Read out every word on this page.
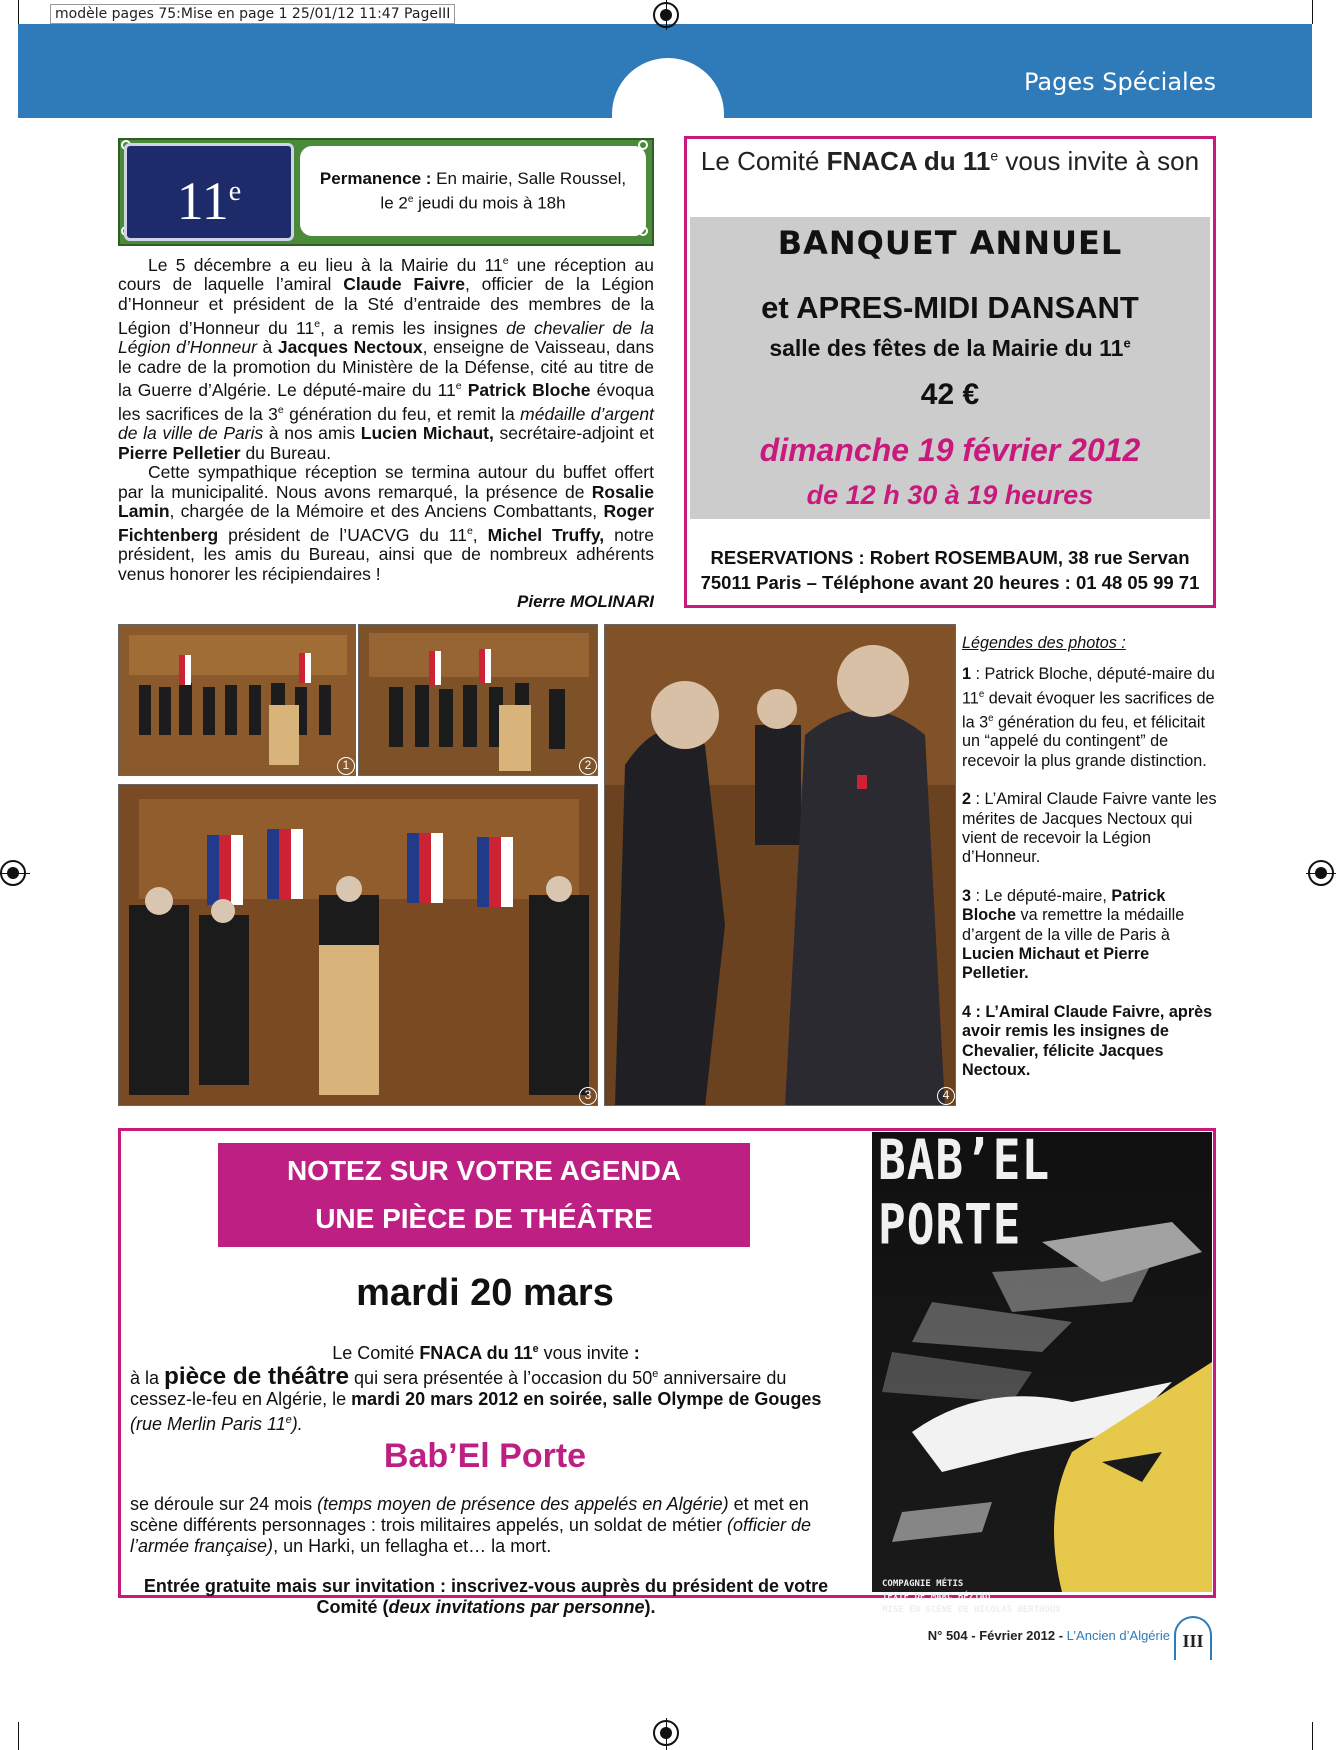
modèle pages 75:Mise en page 1 25/01/12 11:47 PageIII
Pages Spéciales
11e	Permanence : En mairie, Salle Roussel,
le 2e jeudi du mois à 18h

Le 5 décembre a eu lieu à la Mairie du 11e une réception au cours de laquelle l’amiral Claude Faivre, officier de la Légion d’Honneur et président de la Sté d’entraide des membres de la Légion d’Honneur du 11e, a remis les insignes de chevalier de la Légion d’Honneur à Jacques Nectoux, enseigne de Vaisseau, dans le cadre de la promotion du Ministère de la Défense, cité au titre de la Guerre d’Algérie. Le député-maire du 11e Patrick Bloche évoqua les sacrifices de la 3e génération du feu, et remit la médaille d’argent de la ville de Paris à nos amis Lucien Michaut, secrétaire-adjoint et Pierre Pelletier du Bureau.

Cette sympathique réception se termina autour du buffet offert par la municipalité. Nous avons remarqué, la présence de Rosalie Lamin, chargée de la Mémoire et des Anciens Combattants, Roger Fichtenberg président de l’UACVG du 11e, Michel Truffy, notre président, les amis du Bureau, ainsi que de nombreux adhérents venus honorer les récipiendaires !

Pierre MOLINARI
Le Comité FNACA du 11e vous invite à son
BANQUET ANNUEL
et APRES-MIDI DANSANT
salle des fêtes de la Mairie du 11e
42 €
dimanche 19 février 2012
de 12 h 30 à 19 heures
RESERVATIONS : Robert ROSEMBAUM, 38 rue Servan
75011 Paris – Téléphone avant 20 heures : 01 48 05 99 71
1	2
3	4
Légendes des photos :
1 : Patrick Bloche, député-maire du 11e devait évoquer les sacrifices de la 3e génération du feu, et félicitait un “appelé du contingent” de recevoir la plus grande distinction.
2 : L’Amiral Claude Faivre vante les mérites de Jacques Nectoux qui vient de recevoir la Légion d’Honneur.
3 : Le député-maire, Patrick Bloche va remettre la médaille d’argent de la ville de Paris à Lucien Michaut et Pierre Pelletier.
4 : L’Amiral Claude Faivre, après avoir remis les insignes de Chevalier, félicite Jacques Nectoux.
NOTEZ SUR VOTRE AGENDA
UNE PIÈCE DE THÉÂTRE
mardi 20 mars
Le Comité FNACA du 11e vous invite :
à la pièce de théâtre qui sera présentée à l’occasion du 50e anniversaire du cessez-le-feu en Algérie, le mardi 20 mars 2012 en soirée, salle Olympe de Gouges (rue Merlin Paris 11e).
Bab’El Porte
se déroule sur 24 mois (temps moyen de présence des appelés en Algérie) et met en scène différents personnages : trois militaires appelés, un soldat de métier (officier de l’armée française), un Harki, un fellagha et… la mort.
Entrée gratuite mais sur invitation : inscrivez-vous auprès du président de votre Comité (deux invitations par personne).
BAB’EL PORTE
COMPAGNIE MÉTIS
TEXTE DE MARC BÉZIAU
MISE EN SCÈNE DE NICOLAS BERTHOUX
N° 504 - Février 2012 - L’Ancien d’Algérie III
